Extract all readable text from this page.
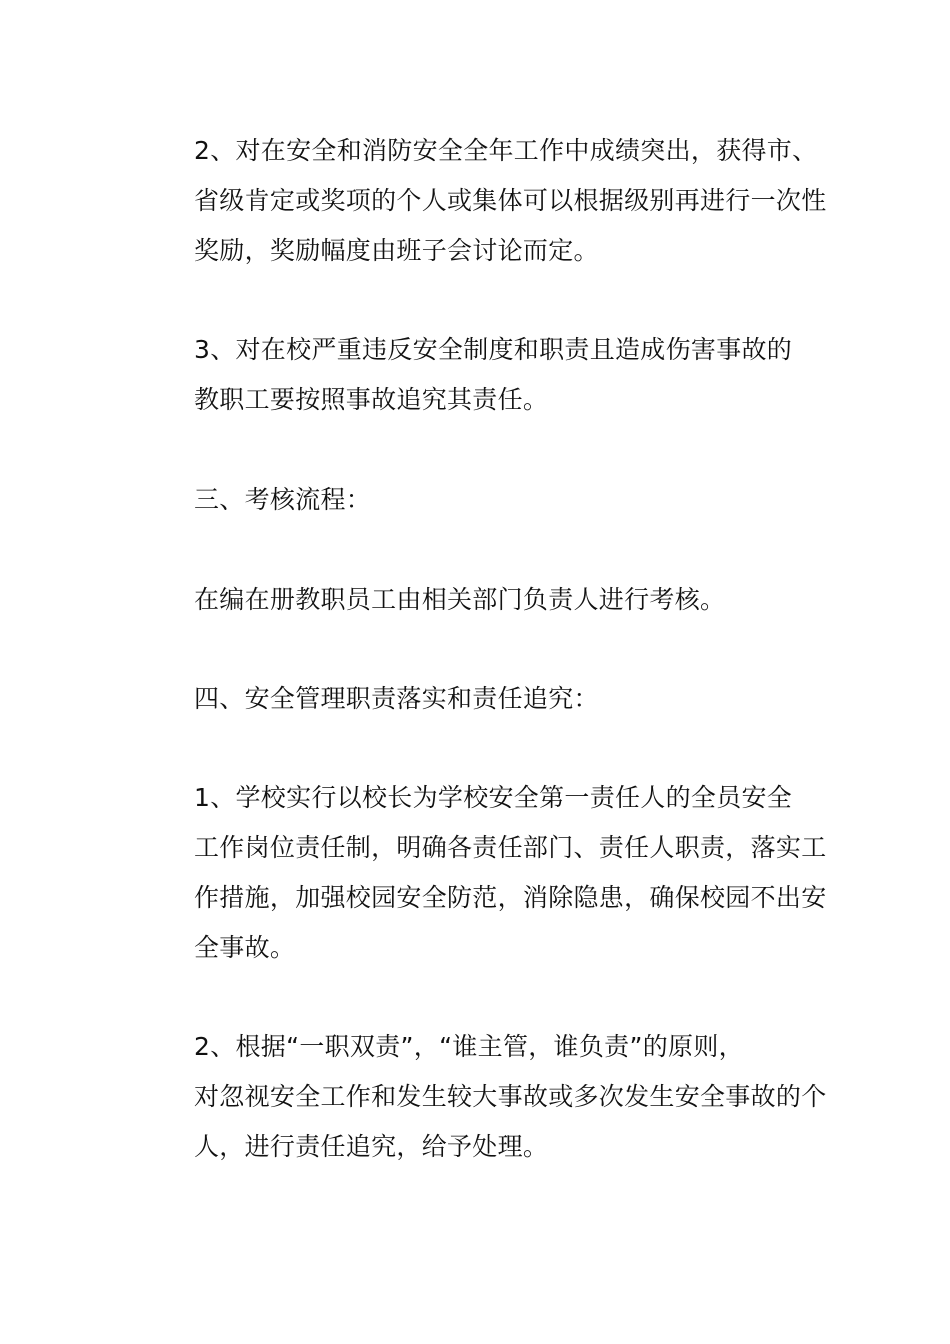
2、对在安全和消防安全全年工作中成绩突出，获得市、
省级肯定或奖项的个人或集体可以根据级别再进行一次性
奖励，奖励幅度由班子会讨论而定。
3、对在校严重违反安全制度和职责且造成伤害事故的
教职工要按照事故追究其责任。
三、考核流程：
在编在册教职员工由相关部门负责人进行考核。
四、安全管理职责落实和责任追究：
1、学校实行以校长为学校安全第一责任人的全员安全
工作岗位责任制，明确各责任部门、责任人职责，落实工
作措施，加强校园安全防范，消除隐患，确保校园不出安
全事故。
2、根据“一职双责”，“谁主管，谁负责”的原则，
对忽视安全工作和发生较大事故或多次发生安全事故的个
人，进行责任追究，给予处理。
